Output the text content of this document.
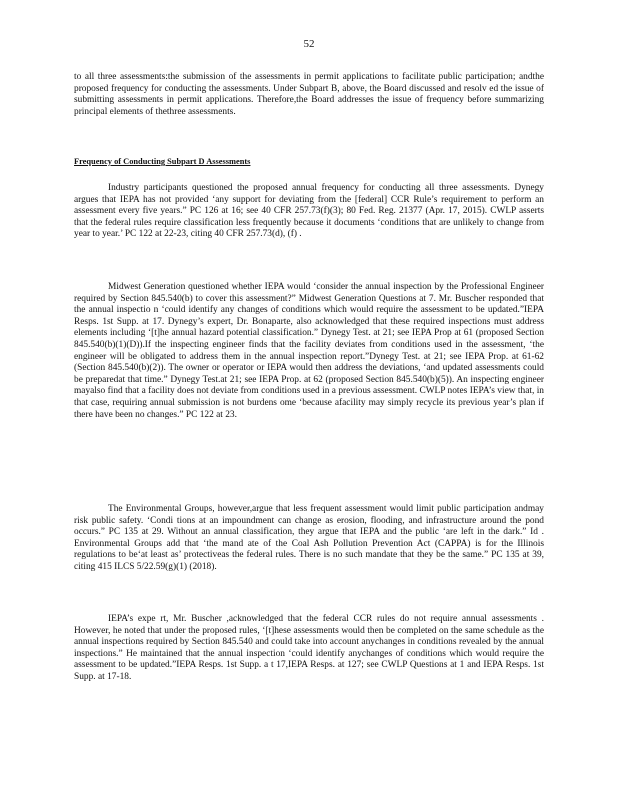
52

to all three assessments:the submission of the assessments in permit applications to facilitate public participation; andthe proposed frequency for conducting the assessments. Under Subpart B, above, the Board discussed and resolv ed the issue of submitting assessments in permit applications. Therefore,the Board addresses the issue of frequency before summarizing principal elements of thethree assessments.

Frequency of Conducting Subpart D Assessments

Industry participants questioned the proposed annual frequency for conducting all three assessments. Dynegy argues that IEPA has not provided ‘any support for deviating from the [federal] CCR Rule’s requirement to perform an assessment every five years.” PC 126 at 16; see 40 CFR 257.73(f)(3); 80 Fed. Reg. 21377 (Apr. 17, 2015). CWLP asserts that the federal rules require classification less frequently because it documents ‘conditions that are unlikely to change from year to year.’ PC 122 at 22-23, citing 40 CFR 257.73(d), (f) .

Midwest Generation questioned whether IEPA would ‘consider the annual inspection by the Professional Engineer required by Section 845.540(b) to cover this assessment?” Midwest Generation Questions at 7. Mr. Buscher responded that the annual inspectio n ‘could identify any changes of conditions which would require the assessment to be updated.”IEPA Resps. 1st Supp. at 17. Dynegy’s expert, Dr. Bonaparte, also acknowledged that these required inspections must address elements including ‘[t]he annual hazard potential classification.” Dynegy Test. at 21; see IEPA Prop at 61 (proposed Section 845.540(b)(1)(D)).If the inspecting engineer finds that the facility deviates from conditions used in the assessment, ‘the engineer will be obligated to address them in the annual inspection report.”Dynegy Test. at 21; see IEPA Prop. at 61-62 (Section 845.540(b)(2)). The owner or operator or IEPA would then address the deviations, ‘and updated assessments could be preparedat that time.” Dynegy Test.at 21; see IEPA Prop. at 62 (proposed Section 845.540(b)(5)). An inspecting engineer mayalso find that a facility does not deviate from conditions used in a previous assessment. CWLP notes IEPA’s view that, in that case, requiring annual submission is not burdens ome ‘because afacility may simply recycle its previous year’s plan if there have been no changes.” PC 122 at 23.

The Environmental Groups, however,argue that less frequent assessment would limit public participation andmay risk public safety. ‘Condi tions at an impoundment can change as erosion, flooding, and infrastructure around the pond occurs.” PC 135 at 29. Without an annual classification, they argue that IEPA and the public ‘are left in the dark.” Id . Environmental Groups add that ‘the mand ate of the Coal Ash Pollution Prevention Act (CAPPA) is for the Illinois regulations to be‘at least as’ protectiveas the federal rules. There is no such mandate that they be the same.” PC 135 at 39, citing 415 ILCS 5/22.59(g)(1) (2018).

IEPA’s expe rt, Mr. Buscher ,acknowledged that the federal CCR rules do not require annual assessments . However, he noted that under the proposed rules, ‘[t]hese assessments would then be completed on the same schedule as the annual inspections required by Section 845.540 and could take into account anychanges in conditions revealed by the annual inspections.” He maintained that the annual inspection ‘could identify anychanges of conditions which would require the assessment to be updated.”IEPA Resps. 1st Supp. a t 17,IEPA Resps. at 127; see CWLP Questions at 1 and IEPA Resps. 1st Supp. at 17-18.
